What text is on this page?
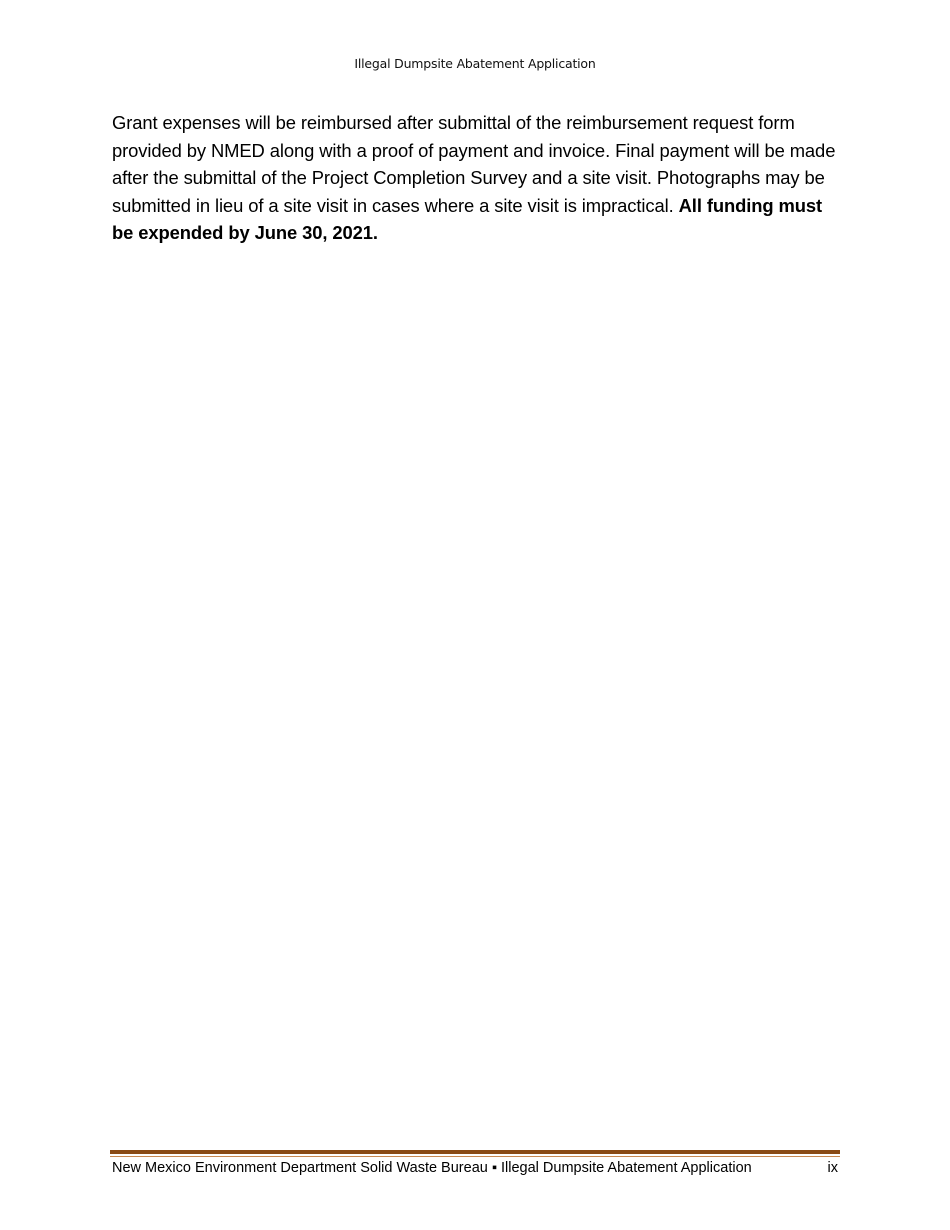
Illegal Dumpsite Abatement Application

Grant expenses will be reimbursed after submittal of the reimbursement request form provided by NMED along with a proof of payment and invoice. Final payment will be made after the submittal of the Project Completion Survey and a site visit. Photographs may be submitted in lieu of a site visit in cases where a site visit is impractical. All funding must be expended by June 30, 2021.

New Mexico Environment Department Solid Waste Bureau ▪ Illegal Dumpsite Abatement Application	ix
